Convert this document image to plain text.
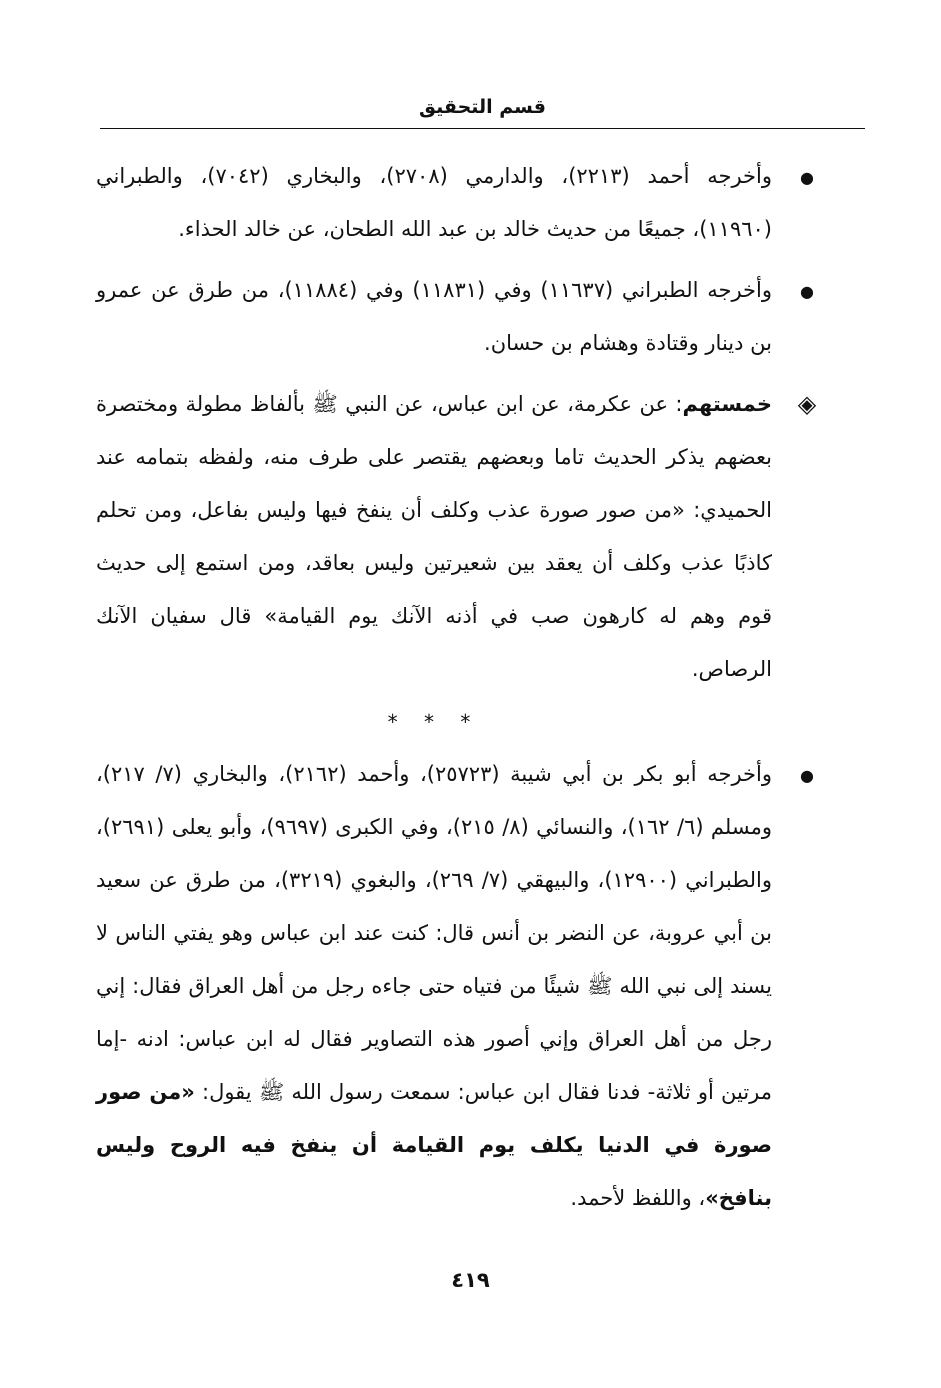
قسم التحقيق

●
وأخرجه أحمد (٢٢١٣)، والدارمي (٢٧٠٨)، والبخاري (٧٠٤٢)، والطبراني (١١٩٦٠)، جميعًا من حديث خالد بن عبد الله الطحان، عن خالد الحذاء.

●
وأخرجه الطبراني (١١٦٣٧) وفي (١١٨٣١) وفي (١١٨٨٤)، من طرق عن عمرو بن دينار وقتادة وهشام بن حسان.

◈
خمستهم: عن عكرمة، عن ابن عباس، عن النبي ﷺ بألفاظ مطولة ومختصرة بعضهم يذكر الحديث تاما وبعضهم يقتصر على طرف منه، ولفظه بتمامه عند الحميدي: «من صور صورة عذب وكلف أن ينفخ فيها وليس بفاعل، ومن تحلم كاذبًا عذب وكلف أن يعقد بين شعيرتين وليس بعاقد، ومن استمع إلى حديث قوم وهم له كارهون صب في أذنه الآنك يوم القيامة» قال سفيان الآنك الرصاص.

* * *

●
وأخرجه أبو بكر بن أبي شيبة (٢٥٧٢٣)، وأحمد (٢١٦٢)، والبخاري (٧/ ٢١٧)، ومسلم (٦/ ١٦٢)، والنسائي (٨/ ٢١٥)، وفي الكبرى (٩٦٩٧)، وأبو يعلى (٢٦٩١)، والطبراني (١٢٩٠٠)، والبيهقي (٧/ ٢٦٩)، والبغوي (٣٢١٩)، من طرق عن سعيد بن أبي عروبة، عن النضر بن أنس قال: كنت عند ابن عباس وهو يفتي الناس لا يسند إلى نبي الله ﷺ شيئًا من فتياه حتى جاءه رجل من أهل العراق فقال: إني رجل من أهل العراق وإني أصور هذه التصاوير فقال له ابن عباس: ادنه -إما مرتين أو ثلاثة- فدنا فقال ابن عباس: سمعت رسول الله ﷺ يقول: «من صور صورة في الدنيا يكلف يوم القيامة أن ينفخ فيه الروح وليس بنافخ»، واللفظ لأحمد.

٤١٩
